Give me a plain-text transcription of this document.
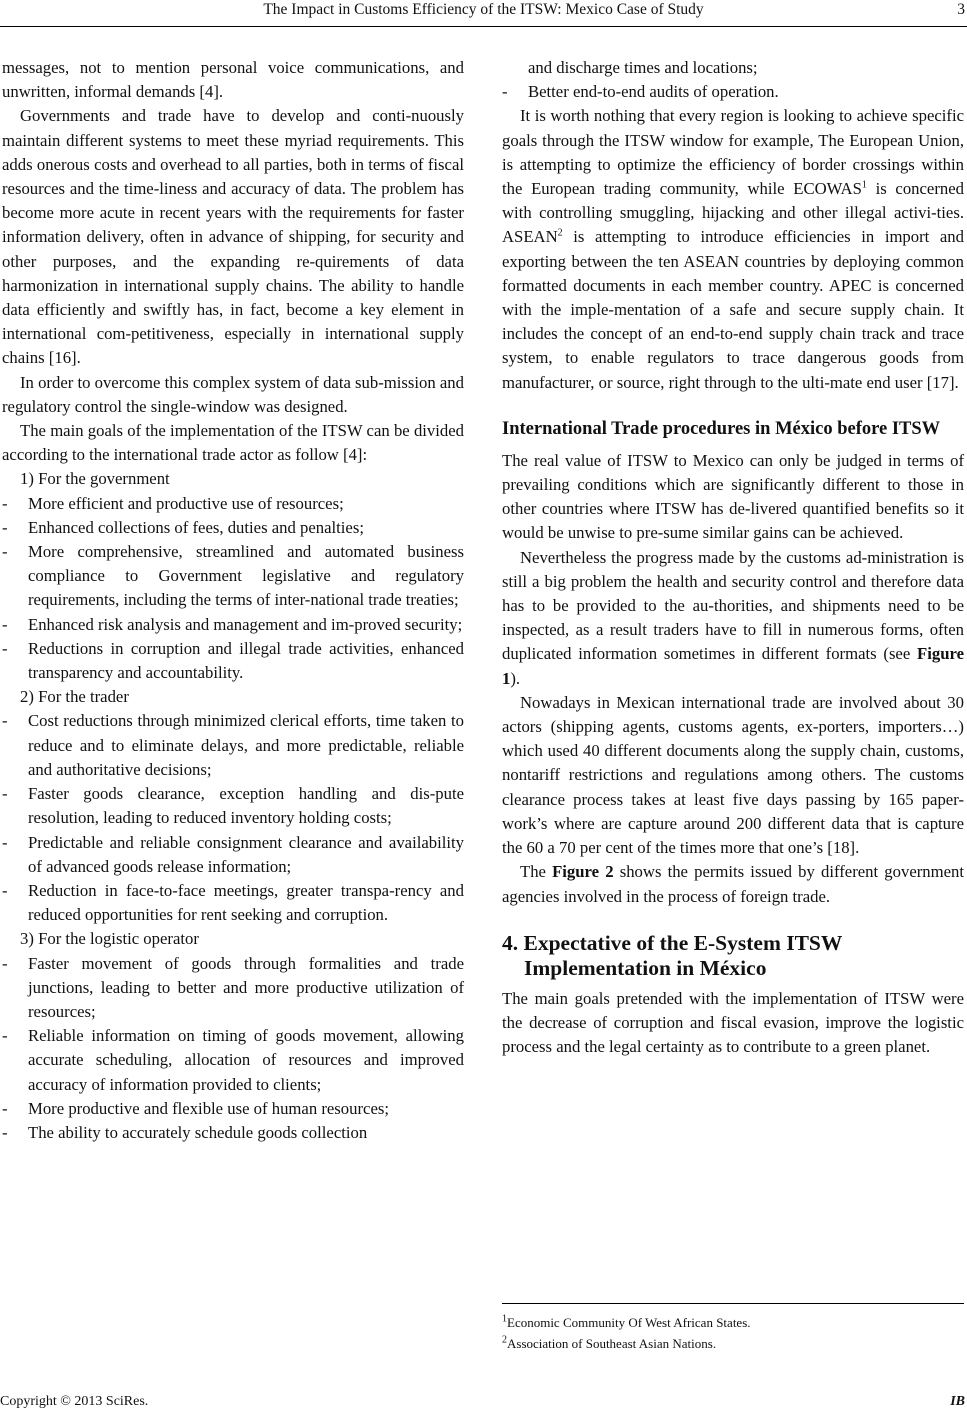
The Impact in Customs Efficiency of the ITSW: Mexico Case of Study	3

messages, not to mention personal voice communications, and unwritten, informal demands [4].

Governments and trade have to develop and conti-nuously maintain different systems to meet these myriad requirements. This adds onerous costs and overhead to all parties, both in terms of fiscal resources and the time-liness and accuracy of data. The problem has become more acute in recent years with the requirements for faster information delivery, often in advance of shipping, for security and other purposes, and the expanding re-quirements of data harmonization in international supply chains. The ability to handle data efficiently and swiftly has, in fact, become a key element in international com-petitiveness, especially in international supply chains [16].

In order to overcome this complex system of data sub-mission and regulatory control the single-window was designed.

The main goals of the implementation of the ITSW can be divided according to the international trade actor as follow [4]:

1) For the government
- More efficient and productive use of resources;
- Enhanced collections of fees, duties and penalties;
- More comprehensive, streamlined and automated business compliance to Government legislative and regulatory requirements, including the terms of inter-national trade treaties;
- Enhanced risk analysis and management and im-proved security;
- Reductions in corruption and illegal trade activities, enhanced transparency and accountability.
2) For the trader
- Cost reductions through minimized clerical efforts, time taken to reduce and to eliminate delays, and more predictable, reliable and authoritative decisions;
- Faster goods clearance, exception handling and dis-pute resolution, leading to reduced inventory holding costs;
- Predictable and reliable consignment clearance and availability of advanced goods release information;
- Reduction in face-to-face meetings, greater transpa-rency and reduced opportunities for rent seeking and corruption.
3) For the logistic operator
- Faster movement of goods through formalities and trade junctions, leading to better and more productive utilization of resources;
- Reliable information on timing of goods movement, allowing accurate scheduling, allocation of resources and improved accuracy of information provided to clients;
- More productive and flexible use of human resources;
- The ability to accurately schedule goods collection
and discharge times and locations;
- Better end-to-end audits of operation.

It is worth nothing that every region is looking to achieve specific goals through the ITSW window for example, The European Union, is attempting to optimize the efficiency of border crossings within the European trading community, while ECOWAS$^1$ is concerned with controlling smuggling, hijacking and other illegal activi-ties. ASEAN$^2$ is attempting to introduce efficiencies in import and exporting between the ten ASEAN countries by deploying common formatted documents in each member country. APEC is concerned with the imple-mentation of a safe and secure supply chain. It includes the concept of an end-to-end supply chain track and trace system, to enable regulators to trace dangerous goods from manufacturer, or source, right through to the ulti-mate end user [17].

International Trade procedures in México before ITSW

The real value of ITSW to Mexico can only be judged in terms of prevailing conditions which are significantly different to those in other countries where ITSW has de-livered quantified benefits so it would be unwise to pre-sume similar gains can be achieved.

Nevertheless the progress made by the customs ad-ministration is still a big problem the health and security control and therefore data has to be provided to the au-thorities, and shipments need to be inspected, as a result traders have to fill in numerous forms, often duplicated information sometimes in different formats (see Figure 1).

Nowadays in Mexican international trade are involved about 30 actors (shipping agents, customs agents, ex-porters, importers…) which used 40 different documents along the supply chain, customs, nontariff restrictions and regulations among others. The customs clearance process takes at least five days passing by 165 paper-work’s where are capture around 200 different data that is capture the 60 a 70 per cent of the times more that one’s [18].

The Figure 2 shows the permits issued by different government agencies involved in the process of foreign trade.

4. Expectative of the E-System ITSW
Implementation in México

The main goals pretended with the implementation of ITSW were the decrease of corruption and fiscal evasion, improve the logistic process and the legal certainty as to contribute to a green planet.

$^1$Economic Community Of West African States.
$^2$Association of Southeast Asian Nations.
Copyright © 2013 SciRes.	IB
